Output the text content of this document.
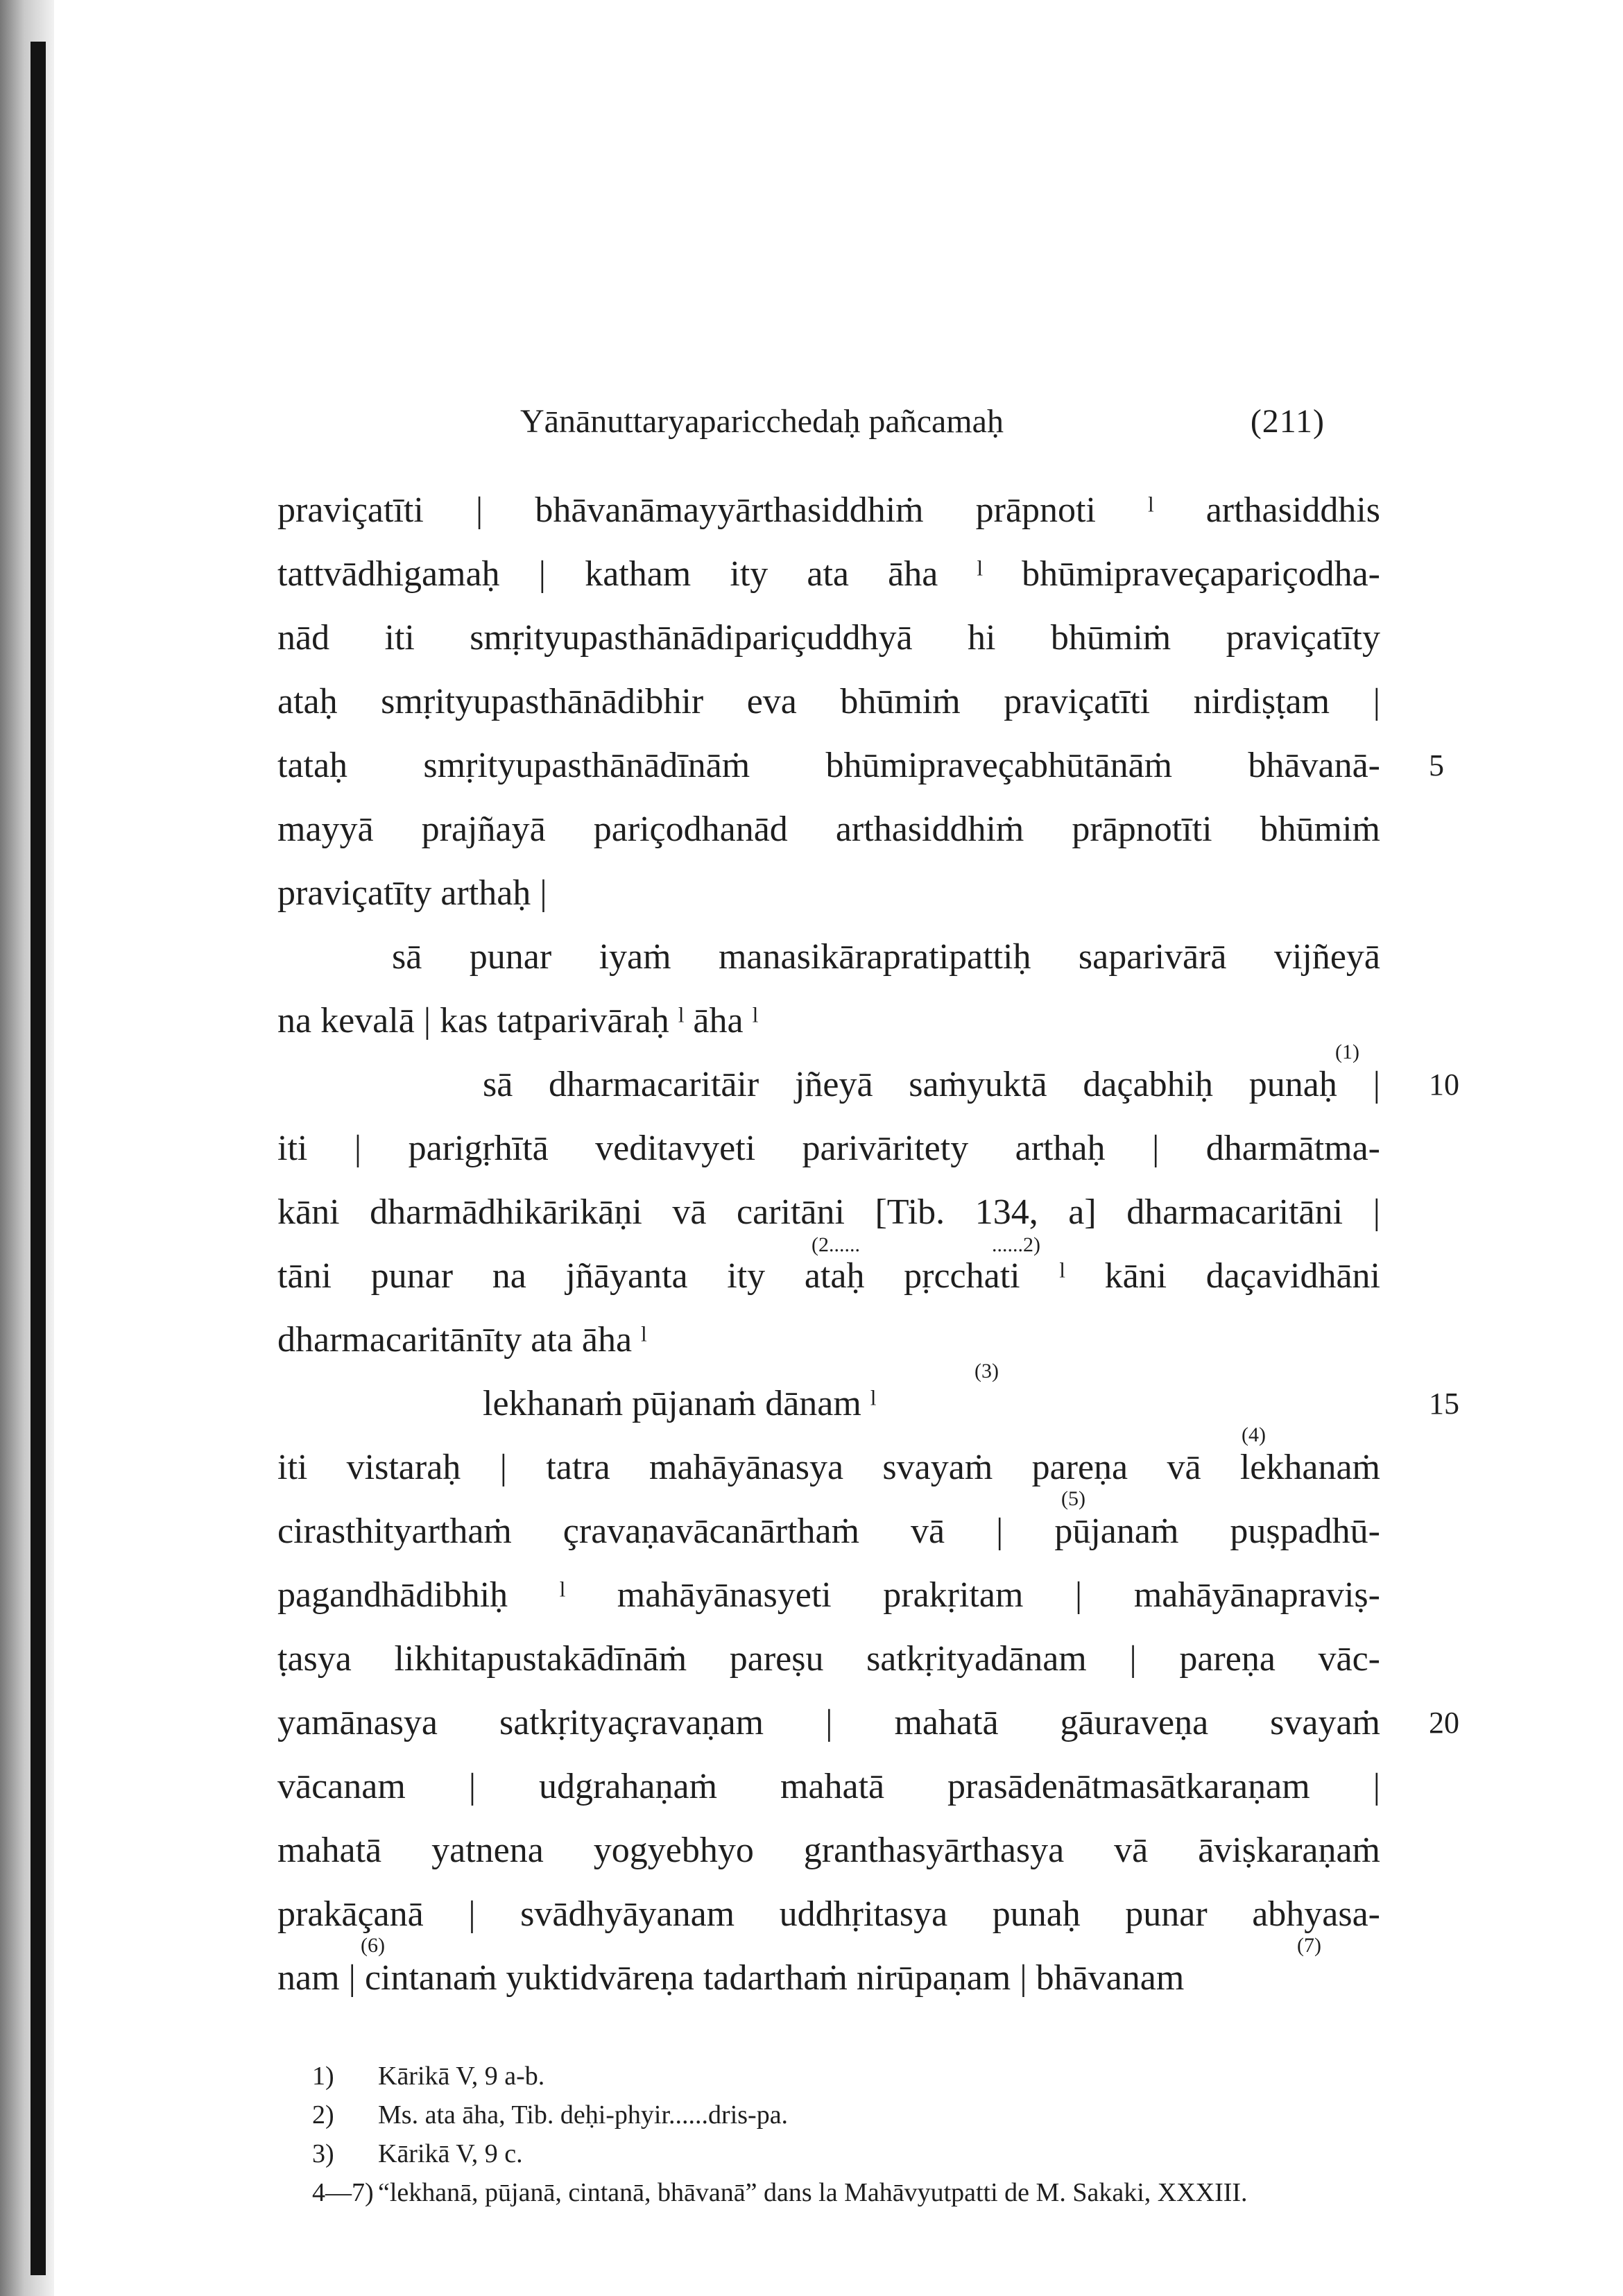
Yānānuttaryaparicchedaḥ pañcamaḥ	(211)
praviçatīti | bhāvanāmayyārthasiddhiṁ prāpnoti ˡ arthasiddhis
tattvādhigamaḥ | katham ity ata āha ˡ bhūmipraveçapariçodha-
nād iti smṛityupasthānādipariçuddhyā hi bhūmiṁ praviçatīty
ataḥ smṛityupasthānādibhir eva bhūmiṁ praviçatīti nirdiṣṭam |
tataḥ smṛityupasthānādīnāṁ bhūmipraveçabhūtānāṁ bhāvanā-
mayyā prajñayā pariçodhanād arthasiddhiṁ prāpnotīti bhūmiṁ
praviçatīty arthaḥ |
sā punar iyaṁ manasikārapratipattiḥ saparivārā vijñeyā
na kevalā | kas tatparivāraḥ ˡ āha ˡ
sā dharmacaritāir jñeyā saṁyuktā daçabhiḥ punaḥ |
iti | parigṛhītā veditavyeti parivāritety arthaḥ | dharmātma-
kāni dharmādhikārikāṇi vā caritāni [Tib. 134, a] dharmacaritāni |
tāni punar na jñāyanta ity ataḥ pṛcchati ˡ kāni daçavidhāni
dharmacaritānīty ata āha ˡ
lekhanaṁ pūjanaṁ dānam ˡ
iti vistaraḥ | tatra mahāyānasya svayaṁ pareṇa vā lekhanaṁ
cirasthityarthaṁ çravaṇavācanārthaṁ vā | pūjanaṁ puṣpadhū-
pagandhādibhiḥ ˡ mahāyānasyeti prakṛitam | mahāyānapraviṣ-
ṭasya likhitapustakādīnāṁ pareṣu satkṛityadānam | pareṇa vāc-
yamānasya satkṛityaçravaṇam | mahatā gāuraveṇa svayaṁ
5
10
15
20
(1)
(2......	......2)
(3)
(4)
1) Kārikā V, 9 a-b.
2) Ms. ata āha, Tib. deḥi-phyir......dris-pa.
3) Kārikā V, 9 c.
4—7) “lekhanā, pūjanā, cintanā, bhāvanā” dans la Mahāvyutpatti de M. Sakaki, XXXIII.
vācanam | udgrahaṇaṁ mahatā prasādenātmasātkaraṇam |
mahatā yatnena yogyebhyo granthasyārthasya vā āviṣkaraṇaṁ
prakāçanā | svādhyāyanam uddhṛitasya punaḥ punar abhyasa-
nam | cintanaṁ yuktidvāreṇa tadarthaṁ nirūpaṇam | bhāvanam
(5)
(6)	(7)
